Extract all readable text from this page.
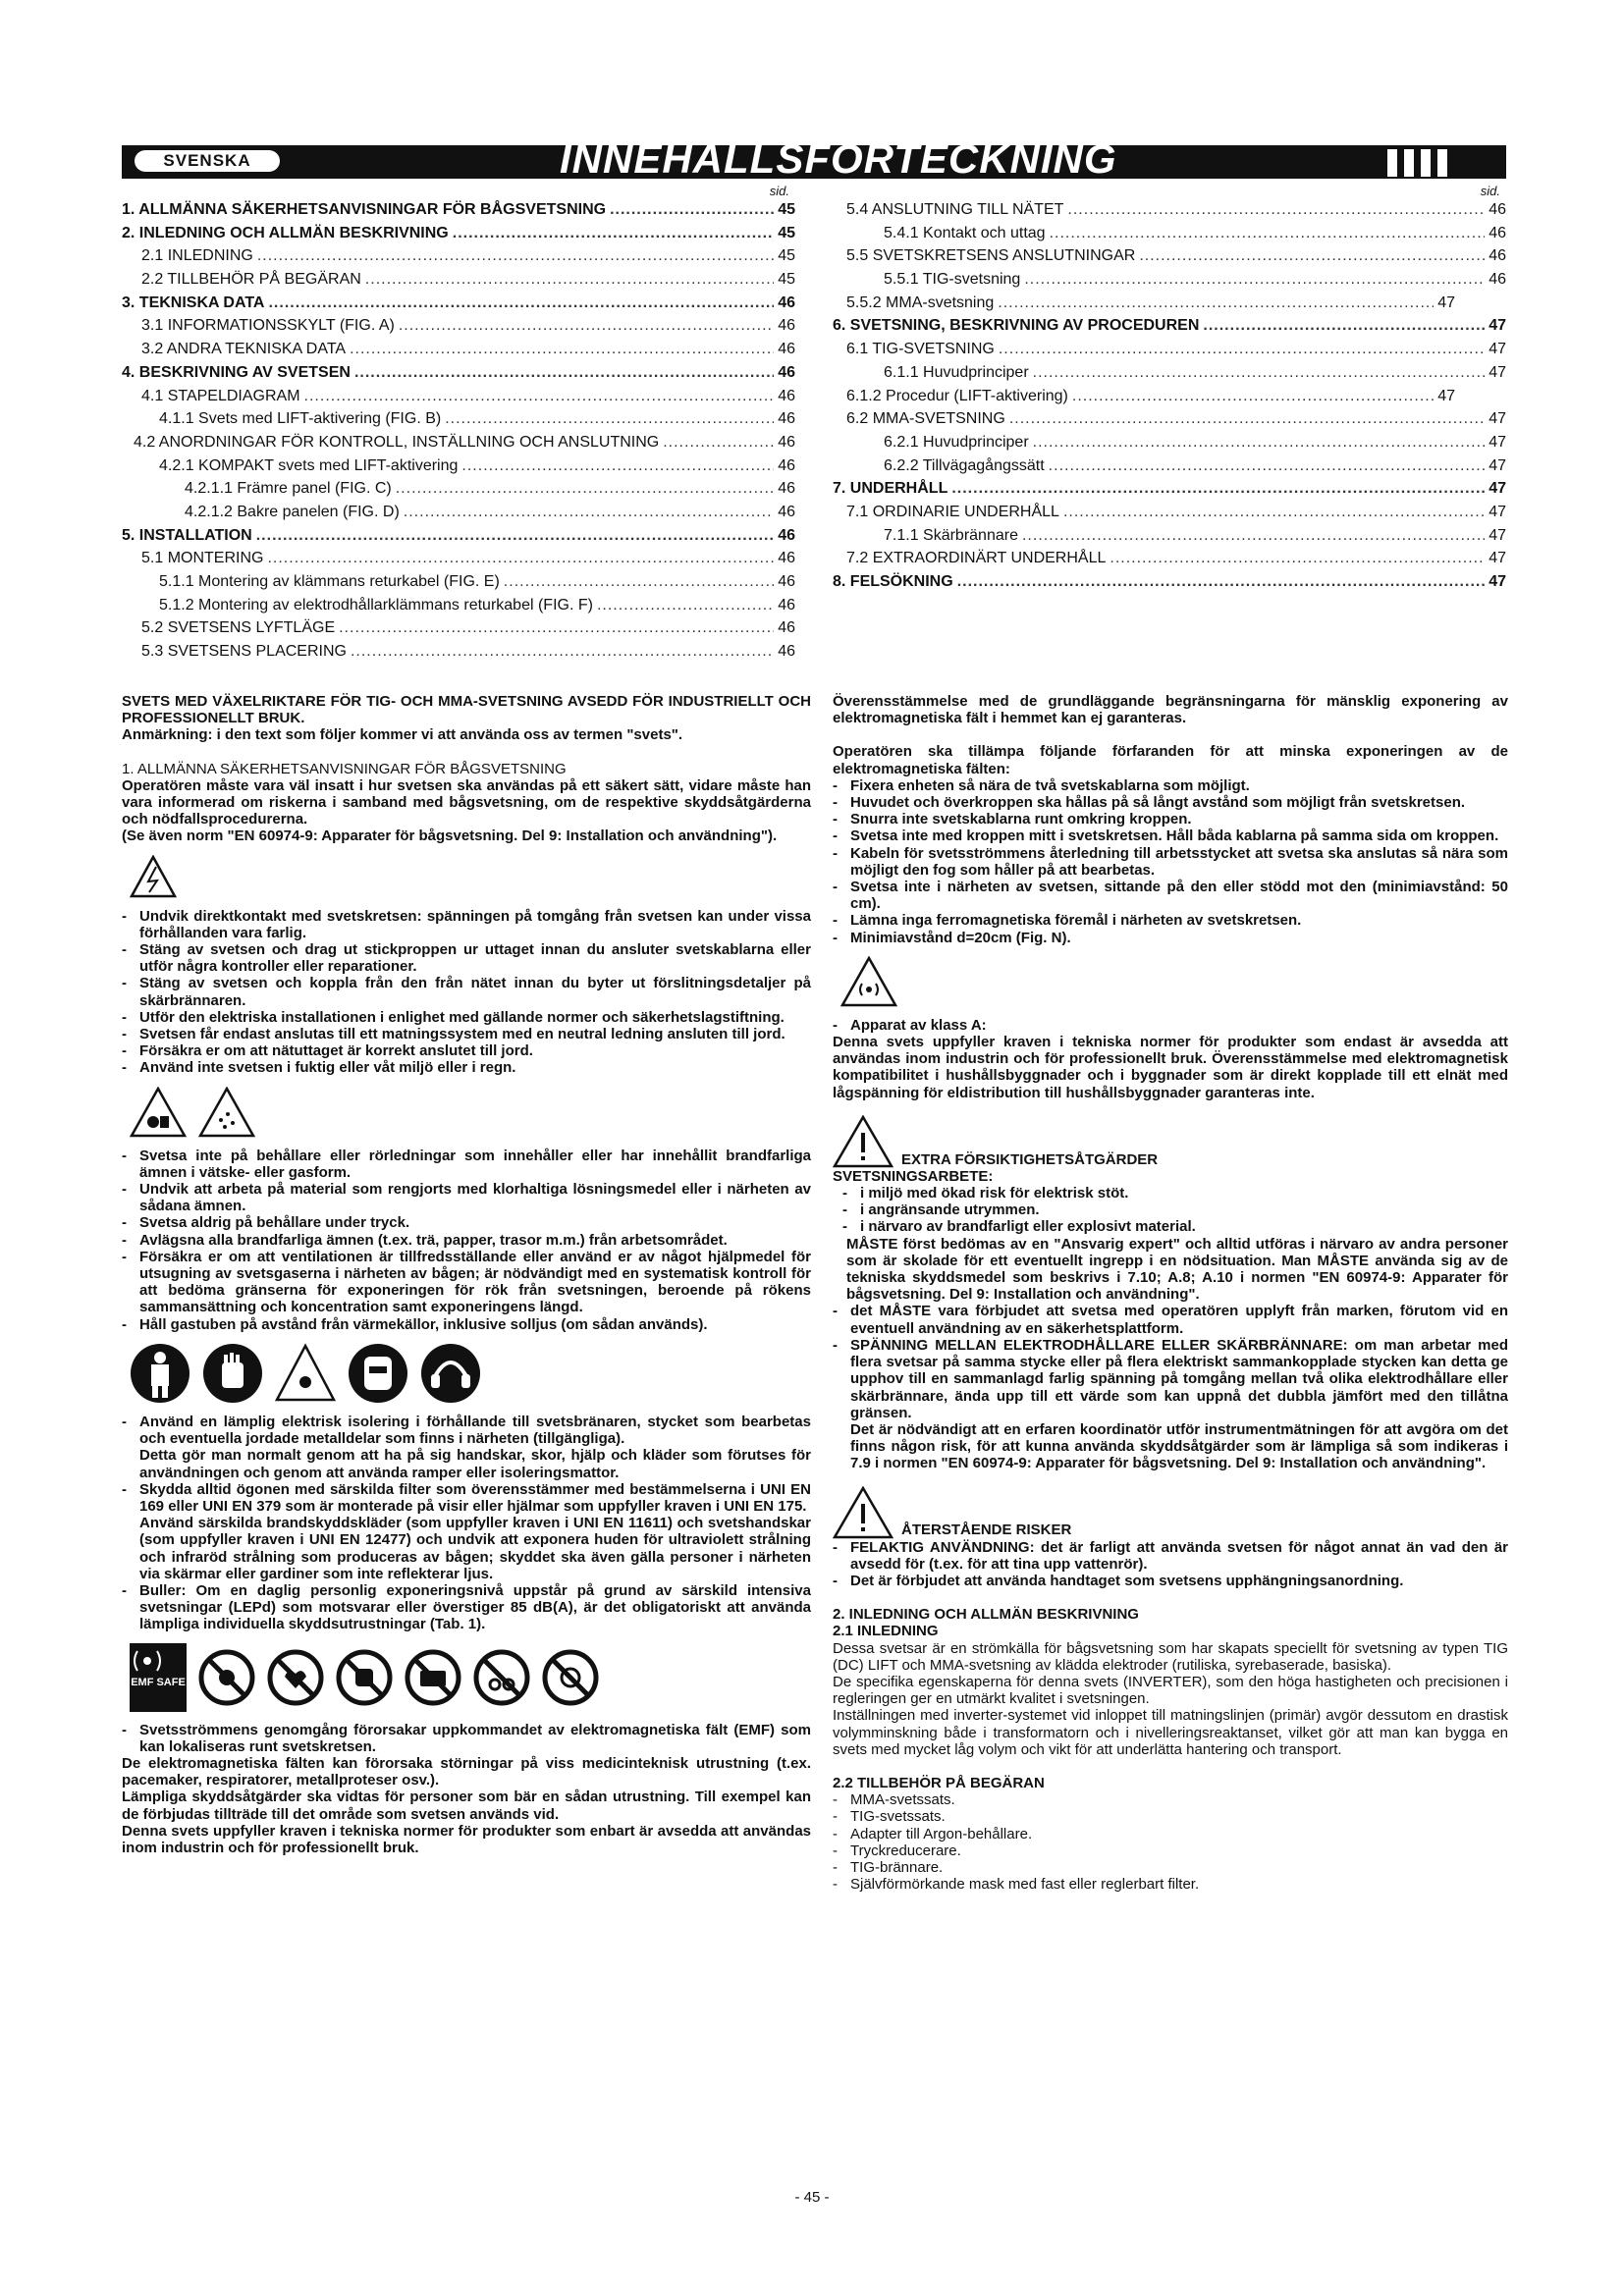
SVENSKA	INNEHÅLLSFÖRTECKNING
sid.
1. ALLMÄNNA SÄKERHETSANVISNINGAR FÖR BÅGSVETSNING .....	45
2. INLEDNING OCH ALLMÄN BESKRIVNING .....	45
2.1 INLEDNING .....	45
2.2 TILLBEHÖR PÅ BEGÄRAN .....	45
3. TEKNISKA DATA .....	46
3.1 INFORMATIONSSKYLT (FIG. A) .....	46
3.2 ANDRA TEKNISKA DATA .....	46
4. BESKRIVNING AV SVETSEN .....	46
4.1 STAPELDIAGRAM .....	46
4.1.1 Svets med LIFT-aktivering (FIG. B) .....	46
4.2 ANORDNINGAR FÖR KONTROLL, INSTÄLLNING OCH ANSLUTNING .....	46
4.2.1 KOMPAKT svets med LIFT-aktivering .....	46
4.2.1.1 Främre panel (FIG. C) .....	46
4.2.1.2 Bakre panelen (FIG. D) .....	46
5. INSTALLATION .....	46
5.1 MONTERING .....	46
5.1.1 Montering av klämmans returkabel (FIG. E) .....	46
5.1.2 Montering av elektrodhållarklämmans returkabel (FIG. F) .....	46
5.2 SVETSENS LYFTLÄGE .....	46
5.3 SVETSENS PLACERING .....	46
sid.
5.4 ANSLUTNING TILL NÄTET .....	46
5.4.1 Kontakt och uttag .....	46
5.5 SVETSKRETSENS ANSLUTNINGAR .....	46
5.5.1 TIG-svetsning .....	46
5.5.2 MMA-svetsning .....	47
6. SVETSNING, BESKRIVNING AV PROCEDUREN .....	47
6.1 TIG-SVETSNING .....	47
6.1.1 Huvudprinciper .....	47
6.1.2 Procedur (LIFT-aktivering) .....	47
6.2 MMA-SVETSNING .....	47
6.2.1 Huvudprinciper .....	47
6.2.2 Tillvägagångssätt .....	47
7. UNDERHÅLL .....	47
7.1 ORDINARIE UNDERHÅLL .....	47
7.1.1 Skärbrännare .....	47
7.2 EXTRAORDINÄRT UNDERHÅLL .....	47
8. FELSÖKNING .....	47

SVETS MED VÄXELRIKTARE FÖR TIG- OCH MMA-SVETSNING AVSEDD FÖR INDUSTRIELLT OCH PROFESSIONELLT BRUK.

Anmärkning: i den text som följer kommer vi att använda oss av termen "svets".

1. ALLMÄNNA SÄKERHETSANVISNINGAR FÖR BÅGSVETSNING

Operatören måste vara väl insatt i hur svetsen ska användas på ett säkert sätt, vidare måste han vara informerad om riskerna i samband med bågsvetsning, om de respektive skyddsåtgärderna och nödfallsprocedurerna.

(Se även norm "EN 60974-9: Apparater för bågsvetsning. Del 9: Installation och användning").

- Undvik direktkontakt med svetskretsen: spänningen på tomgång från svetsen kan under vissa förhållanden vara farlig.
- Stäng av svetsen och drag ut stickproppen ur uttaget innan du ansluter svetskablarna eller utför några kontroller eller reparationer.
- Stäng av svetsen och koppla från den från nätet innan du byter ut förslitningsdetaljer på skärbrännaren.
- Utför den elektriska installationen i enlighet med gällande normer och säkerhetslagstiftning.
- Svetsen får endast anslutas till ett matningssystem med en neutral ledning ansluten till jord.
- Försäkra er om att nätuttaget är korrekt anslutet till jord.
- Använd inte svetsen i fuktig eller våt miljö eller i regn.
- Svetsa inte på behållare eller rörledningar som innehåller eller har innehållit brandfarliga ämnen i vätske- eller gasform.
- Undvik att arbeta på material som rengjorts med klorhaltiga lösningsmedel eller i närheten av sådana ämnen.
- Svetsa aldrig på behållare under tryck.
- Avlägsna alla brandfarliga ämnen (t.ex. trä, papper, trasor m.m.) från arbetsområdet.
- Försäkra er om att ventilationen är tillfredsställande eller använd er av något hjälpmedel för utsugning av svetsgaserna i närheten av bågen; är nödvändigt med en systematisk kontroll för att bedöma gränserna för exponeringen för rök från svetsningen, beroende på rökens sammansättning och koncentration samt exponeringens längd.
- Håll gastuben på avstånd från värmekällor, inklusive solljus (om sådan används).
- Använd en lämplig elektrisk isolering i förhållande till svetsbränaren, stycket som bearbetas och eventuella jordade metalldelar som finns i närheten (tillgängliga).
Detta gör man normalt genom att ha på sig handskar, skor, hjälp och kläder som förutses för användningen och genom att använda ramper eller isoleringsmattor.
- Skydda alltid ögonen med särskilda filter som överensstämmer med bestämmelserna i UNI EN 169 eller UNI EN 379 som är monterade på visir eller hjälmar som uppfyller kraven i UNI EN 175.
Använd särskilda brandskyddskläder (som uppfyller kraven i UNI EN 11611) och svetshandskar (som uppfyller kraven i UNI EN 12477) och undvik att exponera huden för ultraviolett strålning och infraröd strålning som produceras av bågen; skyddet ska även gälla personer i närheten via skärmar eller gardiner som inte reflekterar ljus.
- Buller: Om en daglig personlig exponeringsnivå uppstår på grund av särskild intensiva svetsningar (LEPd) som motsvarar eller överstiger 85 dB(A), är det obligatoriskt att använda lämpliga individuella skyddsutrustningar (Tab. 1).
EMF SAFE
- Svetsströmmens genomgång förorsakar uppkommandet av elektromagnetiska fält (EMF) som kan lokaliseras runt svetskretsen.

De elektromagnetiska fälten kan förorsaka störningar på viss medicinteknisk utrustning (t.ex. pacemaker, respiratorer, metallproteser osv.).

Lämpliga skyddsåtgärder ska vidtas för personer som bär en sådan utrustning. Till exempel kan de förbjudas tillträde till det område som svetsen används vid.

Denna svets uppfyller kraven i tekniska normer för produkter som enbart är avsedda att användas inom industrin och för professionellt bruk.

Överensstämmelse med de grundläggande begränsningarna för mänsklig exponering av elektromagnetiska fält i hemmet kan ej garanteras.

Operatören ska tillämpa följande förfaranden för att minska exponeringen av de elektromagnetiska fälten:

- Fixera enheten så nära de två svetskablarna som möjligt.
- Huvudet och överkroppen ska hållas på så långt avstånd som möjligt från svetskretsen.
- Snurra inte svetskablarna runt omkring kroppen.
- Svetsa inte med kroppen mitt i svetskretsen. Håll båda kablarna på samma sida om kroppen.
- Kabeln för svetsströmmens återledning till arbetsstycket att svetsa ska anslutas så nära som möjligt den fog som håller på att bearbetas.
- Svetsa inte i närheten av svetsen, sittande på den eller stödd mot den (minimiavstånd: 50 cm).
- Lämna inga ferromagnetiska föremål i närheten av svetskretsen.
- Minimiavstånd d=20cm (Fig. N).
- Apparat av klass A:

Denna svets uppfyller kraven i tekniska normer för produkter som endast är avsedda att användas inom industrin och för professionellt bruk. Överensstämmelse med elektromagnetisk kompatibilitet i hushållsbyggnader och i byggnader som är direkt kopplade till ett elnät med lågspänning för eldistribution till hushållsbyggnader garanteras inte.

EXTRA FÖRSIKTIGHETSÅTGÄRDER

SVETSNINGSARBETE:

- i miljö med ökad risk för elektrisk stöt.
- i angränsande utrymmen.
- i närvaro av brandfarligt eller explosivt material.

MÅSTE först bedömas av en "Ansvarig expert" och alltid utföras i närvaro av andra personer som är skolade för ett eventuellt ingrepp i en nödsituation. Man MÅSTE använda sig av de tekniska skyddsmedel som beskrivs i 7.10; A.8; A.10 i normen "EN 60974-9: Apparater för bågsvetsning. Del 9: Installation och användning".

- det MÅSTE vara förbjudet att svetsa med operatören upplyft från marken, förutom vid en eventuell användning av en säkerhetsplattform.
- SPÄNNING MELLAN ELEKTRODHÅLLARE ELLER SKÄRBRÄNNARE: om man arbetar med flera svetsar på samma stycke eller på flera elektriskt sammankopplade stycken kan detta ge upphov till en sammanlagd farlig spänning på tomgång mellan två olika elektrodhållare eller skärbrännare, ända upp till ett värde som kan uppnå det dubbla jämfört med den tillåtna gränsen.

Det är nödvändigt att en erfaren koordinatör utför instrumentmätningen för att avgöra om det finns någon risk, för att kunna använda skyddsåtgärder som är lämpliga så som indikeras i 7.9 i normen "EN 60974-9: Apparater för bågsvetsning. Del 9: Installation och användning".

ÅTERSTÅENDE RISKER
- FELAKTIG ANVÄNDNING: det är farligt att använda svetsen för något annat än vad den är avsedd för (t.ex. för att tina upp vattenrör).
- Det är förbjudet att använda handtaget som svetsens upphängningsanordning.

2. INLEDNING OCH ALLMÄN BESKRIVNING

2.1 INLEDNING

Dessa svetsar är en strömkälla för bågsvetsning som har skapats speciellt för svetsning av typen TIG (DC) LIFT och MMA-svetsning av klädda elektroder (rutiliska, syrebaserade, basiska).

De specifika egenskaperna för denna svets (INVERTER), som den höga hastigheten och precisionen i regleringen ger en utmärkt kvalitet i svetsningen.

Inställningen med inverter-systemet vid inloppet till matningslinjen (primär) avgör dessutom en drastisk volymminskning både i transformatorn och i nivelleringsreaktanset, vilket gör att man kan bygga en svets med mycket låg volym och vikt för att underlätta hantering och transport.

2.2 TILLBEHÖR PÅ BEGÄRAN

- MMA-svetssats.
- TIG-svetssats.
- Adapter till Argon-behållare.
- Tryckreducerare.
- TIG-brännare.
- Självförmörkande mask med fast eller reglerbart filter.
- 45 -
